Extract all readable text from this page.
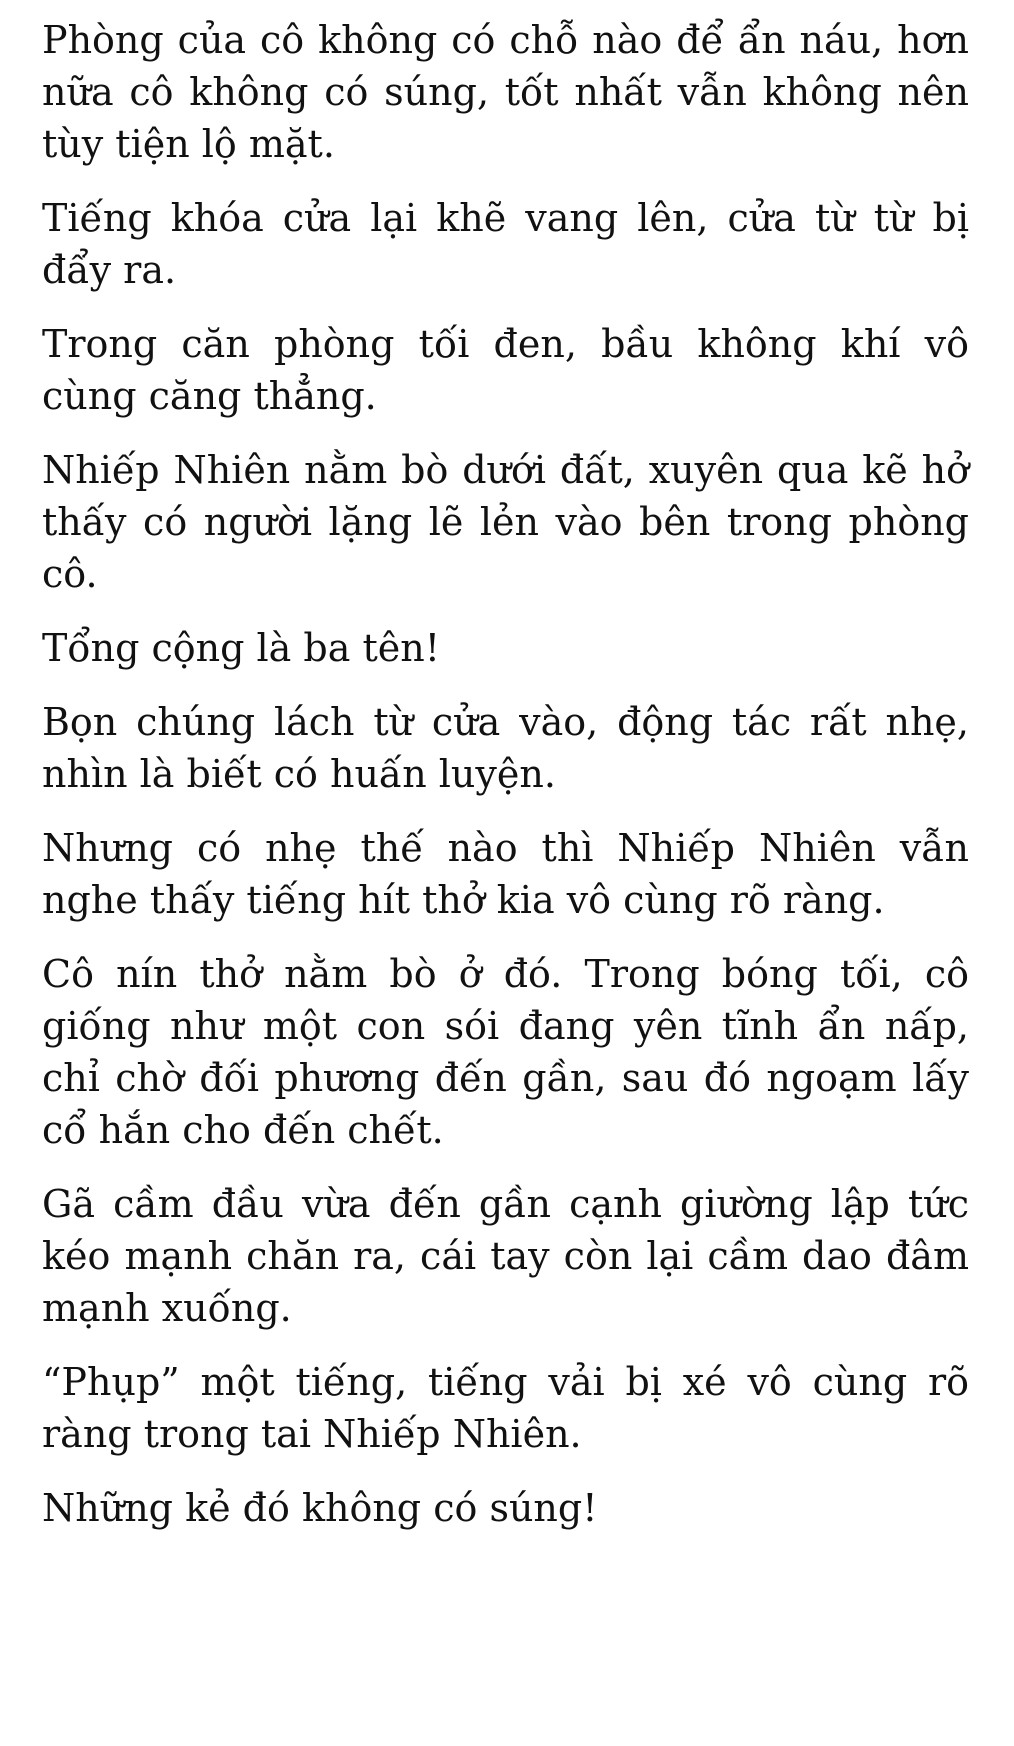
Phòng của cô không có chỗ nào để ẩn náu, hơn nữa cô không có súng, tốt nhất vẫn không nên tùy tiện lộ mặt.

Tiếng khóa cửa lại khẽ vang lên, cửa từ từ bị đẩy ra.

Trong căn phòng tối đen, bầu không khí vô cùng căng thẳng.

Nhiếp Nhiên nằm bò dưới đất, xuyên qua kẽ hở thấy có người lặng lẽ lẻn vào bên trong phòng cô.

Tổng cộng là ba tên!

Bọn chúng lách từ cửa vào, động tác rất nhẹ, nhìn là biết có huấn luyện.

Nhưng có nhẹ thế nào thì Nhiếp Nhiên vẫn nghe thấy tiếng hít thở kia vô cùng rõ ràng.

Cô nín thở nằm bò ở đó. Trong bóng tối, cô giống như một con sói đang yên tĩnh ẩn nấp, chỉ chờ đối phương đến gần, sau đó ngoạm lấy cổ hắn cho đến chết.

Gã cầm đầu vừa đến gần cạnh giường lập tức kéo mạnh chăn ra, cái tay còn lại cầm dao đâm mạnh xuống.

“Phụp” một tiếng, tiếng vải bị xé vô cùng rõ ràng trong tai Nhiếp Nhiên.

Những kẻ đó không có súng!
